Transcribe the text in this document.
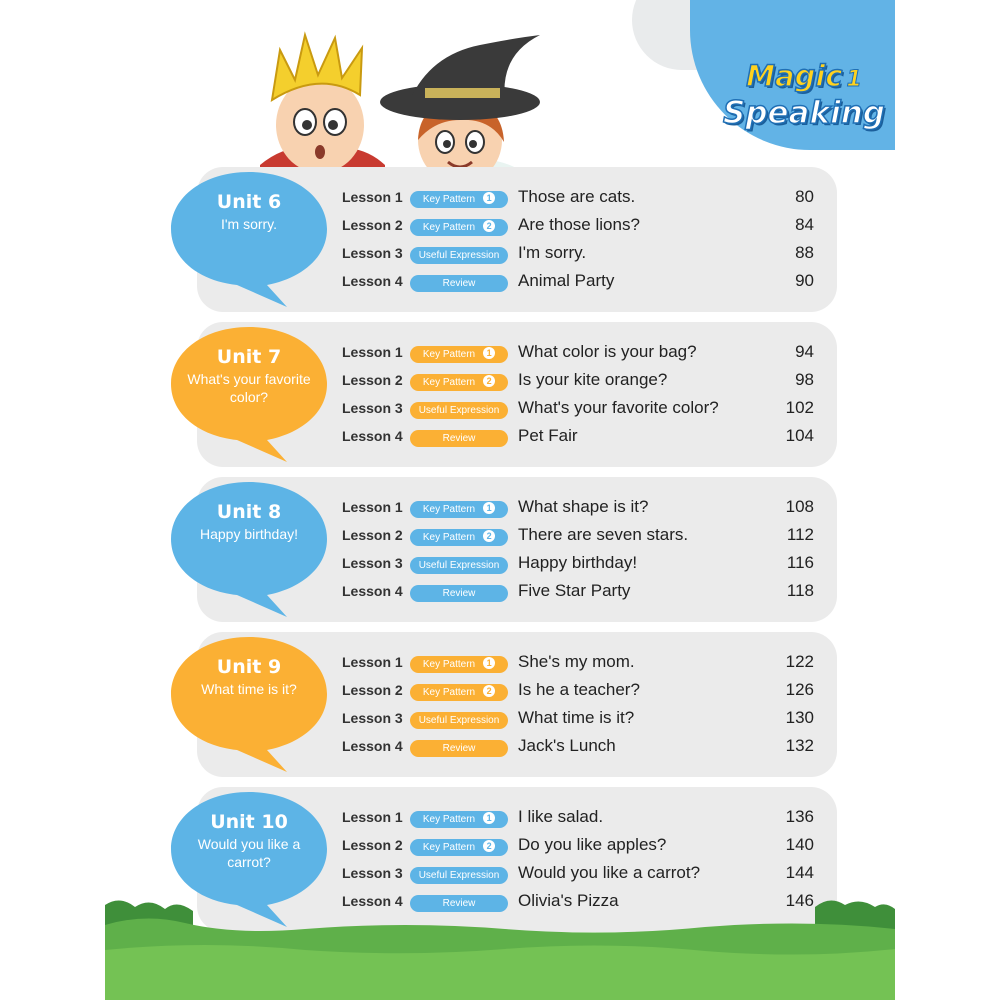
Magic 1
Speaking
Unit 6
I'm sorry.
Lesson 1	Key Pattern 1	Those are cats.	80
Lesson 2	Key Pattern 2	Are those lions?	84
Lesson 3	Useful Expression	I'm sorry.	88
Lesson 4	Review	Animal Party	90
Unit 7
What's your favorite color?
Lesson 1	Key Pattern 1	What color is your bag?	94
Lesson 2	Key Pattern 2	Is your kite orange?	98
Lesson 3	Useful Expression	What's your favorite color?	102
Lesson 4	Review	Pet Fair	104
Unit 8
Happy birthday!
Lesson 1	Key Pattern 1	What shape is it?	108
Lesson 2	Key Pattern 2	There are seven stars.	112
Lesson 3	Useful Expression	Happy birthday!	116
Lesson 4	Review	Five Star Party	118
Unit 9
What time is it?
Lesson 1	Key Pattern 1	She's my mom.	122
Lesson 2	Key Pattern 2	Is he a teacher?	126
Lesson 3	Useful Expression	What time is it?	130
Lesson 4	Review	Jack's Lunch	132
Unit 10
Would you like a carrot?
Lesson 1	Key Pattern 1	I like salad.	136
Lesson 2	Key Pattern 2	Do you like apples?	140
Lesson 3	Useful Expression	Would you like a carrot?	144
Lesson 4	Review	Olivia's Pizza	146
